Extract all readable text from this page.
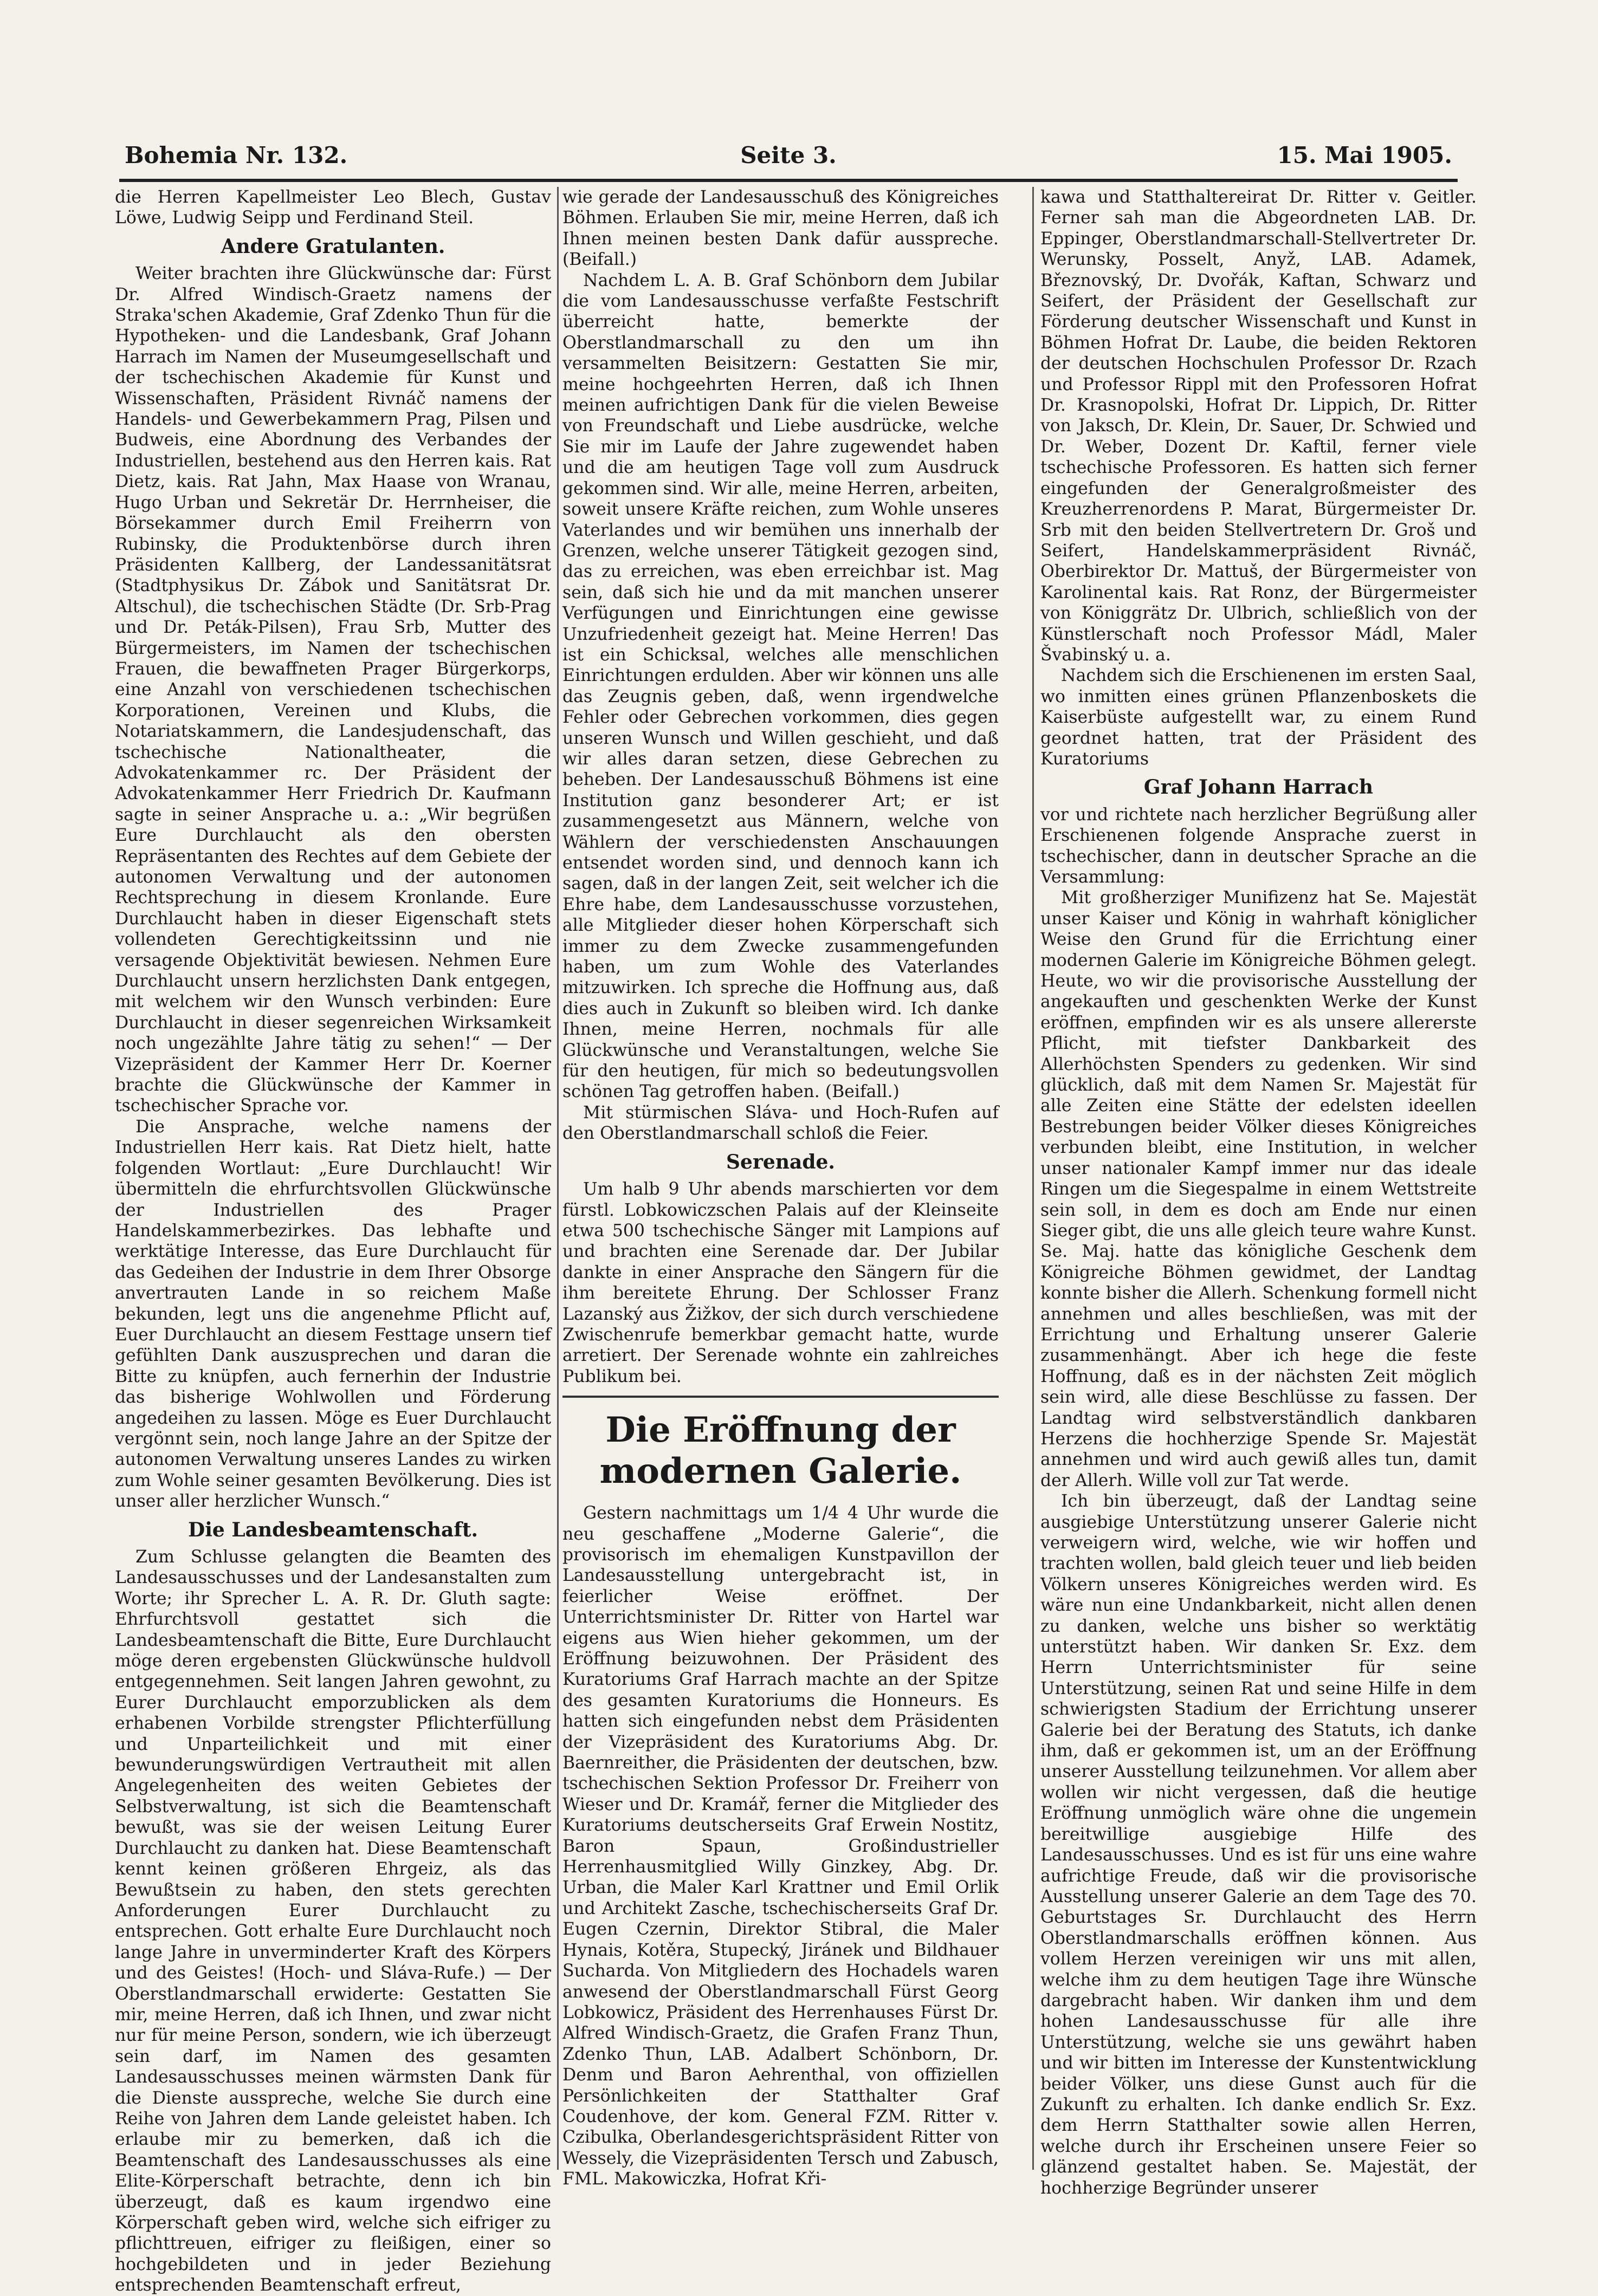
Bohemia Nr. 132.	Seite 3.	15. Mai 1905.

die Herren Kapellmeister Leo Blech, Gustav Löwe, Ludwig Seipp und Ferdinand Steil.

Andere Gratulanten.

Weiter brachten ihre Glückwünsche dar: Fürst Dr. Alfred Windisch-Graetz namens der Straka'schen Akademie, Graf Zdenko Thun für die Hypotheken- und die Landesbank, Graf Johann Harrach im Namen der Museumgesellschaft und der tschechischen Akademie für Kunst und Wissenschaften, Präsident Rivnáč namens der Handels- und Gewerbekammern Prag, Pilsen und Budweis, eine Abordnung des Verbandes der Industriellen, bestehend aus den Herren kais. Rat Dietz, kais. Rat Jahn, Max Haase von Wranau, Hugo Urban und Sekretär Dr. Herrnheiser, die Börsekammer durch Emil Freiherrn von Rubinsky, die Produktenbörse durch ihren Präsidenten Kallberg, der Landessanitätsrat (Stadtphysikus Dr. Zábok und Sanitätsrat Dr. Altschul), die tschechischen Städte (Dr. Srb-Prag und Dr. Peták-Pilsen), Frau Srb, Mutter des Bürgermeisters, im Namen der tschechischen Frauen, die bewaffneten Prager Bürgerkorps, eine Anzahl von verschiedenen tschechischen Korporationen, Vereinen und Klubs, die Notariatskammern, die Landesjudenschaft, das tschechische Nationaltheater, die Advokatenkammer rc. Der Präsident der Advokatenkammer Herr Friedrich Dr. Kaufmann sagte in seiner Ansprache u. a.: „Wir begrüßen Eure Durchlaucht als den obersten Repräsentanten des Rechtes auf dem Gebiete der autonomen Verwaltung und der autonomen Rechtsprechung in diesem Kronlande. Eure Durchlaucht haben in dieser Eigenschaft stets vollendeten Gerechtigkeitssinn und nie versagende Objektivität bewiesen. Nehmen Eure Durchlaucht unsern herzlichsten Dank entgegen, mit welchem wir den Wunsch verbinden: Eure Durchlaucht in dieser segenreichen Wirksamkeit noch ungezählte Jahre tätig zu sehen!“ — Der Vizepräsident der Kammer Herr Dr. Koerner brachte die Glückwünsche der Kammer in tschechischer Sprache vor.

Die Ansprache, welche namens der Industriellen Herr kais. Rat Dietz hielt, hatte folgenden Wortlaut: „Eure Durchlaucht! Wir übermitteln die ehrfurchtsvollen Glückwünsche der Industriellen des Prager Handelskammerbezirkes. Das lebhafte und werktätige Interesse, das Eure Durchlaucht für das Gedeihen der Industrie in dem Ihrer Obsorge anvertrauten Lande in so reichem Maße bekunden, legt uns die angenehme Pflicht auf, Euer Durchlaucht an diesem Festtage unsern tief gefühlten Dank auszusprechen und daran die Bitte zu knüpfen, auch fernerhin der Industrie das bisherige Wohlwollen und Förderung angedeihen zu lassen. Möge es Euer Durchlaucht vergönnt sein, noch lange Jahre an der Spitze der autonomen Verwaltung unseres Landes zu wirken zum Wohle seiner gesamten Bevölkerung. Dies ist unser aller herzlicher Wunsch.“

Die Landesbeamtenschaft.

Zum Schlusse gelangten die Beamten des Landesausschusses und der Landesanstalten zum Worte; ihr Sprecher L. A. R. Dr. Gluth sagte: Ehrfurchtsvoll gestattet sich die Landesbeamtenschaft die Bitte, Eure Durchlaucht möge deren ergebensten Glückwünsche huldvoll entgegennehmen. Seit langen Jahren gewohnt, zu Eurer Durchlaucht emporzublicken als dem erhabenen Vorbilde strengster Pflichterfüllung und Unparteilichkeit und mit einer bewunderungswürdigen Vertrautheit mit allen Angelegenheiten des weiten Gebietes der Selbstverwaltung, ist sich die Beamtenschaft bewußt, was sie der weisen Leitung Eurer Durchlaucht zu danken hat. Diese Beamtenschaft kennt keinen größeren Ehrgeiz, als das Bewußtsein zu haben, den stets gerechten Anforderungen Eurer Durchlaucht zu entsprechen. Gott erhalte Eure Durchlaucht noch lange Jahre in unverminderter Kraft des Körpers und des Geistes! (Hoch- und Sláva-Rufe.) — Der Oberstlandmarschall erwiderte: Gestatten Sie mir, meine Herren, daß ich Ihnen, und zwar nicht nur für meine Person, sondern, wie ich überzeugt sein darf, im Namen des gesamten Landesausschusses meinen wärmsten Dank für die Dienste ausspreche, welche Sie durch eine Reihe von Jahren dem Lande geleistet haben. Ich erlaube mir zu bemerken, daß ich die Beamtenschaft des Landesausschusses als eine Elite-Körperschaft betrachte, denn ich bin überzeugt, daß es kaum irgendwo eine Körperschaft geben wird, welche sich eifriger zu pflichttreuen, eifriger zu fleißigen, einer so hochgebildeten und in jeder Beziehung entsprechenden Beamtenschaft erfreut,

wie gerade der Landesausschuß des Königreiches Böhmen. Erlauben Sie mir, meine Herren, daß ich Ihnen meinen besten Dank dafür ausspreche. (Beifall.)

Nachdem L. A. B. Graf Schönborn dem Jubilar die vom Landesausschusse verfaßte Festschrift überreicht hatte, bemerkte der Oberstlandmarschall zu den um ihn versammelten Beisitzern: Gestatten Sie mir, meine hochgeehrten Herren, daß ich Ihnen meinen aufrichtigen Dank für die vielen Beweise von Freundschaft und Liebe ausdrücke, welche Sie mir im Laufe der Jahre zugewendet haben und die am heutigen Tage voll zum Ausdruck gekommen sind. Wir alle, meine Herren, arbeiten, soweit unsere Kräfte reichen, zum Wohle unseres Vaterlandes und wir bemühen uns innerhalb der Grenzen, welche unserer Tätigkeit gezogen sind, das zu erreichen, was eben erreichbar ist. Mag sein, daß sich hie und da mit manchen unserer Verfügungen und Einrichtungen eine gewisse Unzufriedenheit gezeigt hat. Meine Herren! Das ist ein Schicksal, welches alle menschlichen Einrichtungen erdulden. Aber wir können uns alle das Zeugnis geben, daß, wenn irgendwelche Fehler oder Gebrechen vorkommen, dies gegen unseren Wunsch und Willen geschieht, und daß wir alles daran setzen, diese Gebrechen zu beheben. Der Landesausschuß Böhmens ist eine Institution ganz besonderer Art; er ist zusammengesetzt aus Männern, welche von Wählern der verschiedensten Anschauungen entsendet worden sind, und dennoch kann ich sagen, daß in der langen Zeit, seit welcher ich die Ehre habe, dem Landesausschusse vorzustehen, alle Mitglieder dieser hohen Körperschaft sich immer zu dem Zwecke zusammengefunden haben, um zum Wohle des Vaterlandes mitzuwirken. Ich spreche die Hoffnung aus, daß dies auch in Zukunft so bleiben wird. Ich danke Ihnen, meine Herren, nochmals für alle Glückwünsche und Veranstaltungen, welche Sie für den heutigen, für mich so bedeutungsvollen schönen Tag getroffen haben. (Beifall.)

Mit stürmischen Sláva- und Hoch-Rufen auf den Oberstlandmarschall schloß die Feier.

Serenade.

Um halb 9 Uhr abends marschierten vor dem fürstl. Lobkowiczschen Palais auf der Kleinseite etwa 500 tschechische Sänger mit Lampions auf und brachten eine Serenade dar. Der Jubilar dankte in einer Ansprache den Sängern für die ihm bereitete Ehrung. Der Schlosser Franz Lazanský aus Žižkov, der sich durch verschiedene Zwischenrufe bemerkbar gemacht hatte, wurde arretiert. Der Serenade wohnte ein zahlreiches Publikum bei.

Die Eröffnung der modernen Galerie.

Gestern nachmittags um 1/4 4 Uhr wurde die neu geschaffene „Moderne Galerie“, die provisorisch im ehemaligen Kunstpavillon der Landesausstellung untergebracht ist, in feierlicher Weise eröffnet. Der Unterrichtsminister Dr. Ritter von Hartel war eigens aus Wien hieher gekommen, um der Eröffnung beizuwohnen. Der Präsident des Kuratoriums Graf Harrach machte an der Spitze des gesamten Kuratoriums die Honneurs. Es hatten sich eingefunden nebst dem Präsidenten der Vizepräsident des Kuratoriums Abg. Dr. Baernreither, die Präsidenten der deutschen, bzw. tschechischen Sektion Professor Dr. Freiherr von Wieser und Dr. Kramář, ferner die Mitglieder des Kuratoriums deutscherseits Graf Erwein Nostitz, Baron Spaun, Großindustrieller Herrenhausmitglied Willy Ginzkey, Abg. Dr. Urban, die Maler Karl Krattner und Emil Orlik und Architekt Zasche, tschechischerseits Graf Dr. Eugen Czernin, Direktor Stibral, die Maler Hynais, Kotěra, Stupecký, Jiránek und Bildhauer Sucharda. Von Mitgliedern des Hochadels waren anwesend der Oberstlandmarschall Fürst Georg Lobkowicz, Präsident des Herrenhauses Fürst Dr. Alfred Windisch-Graetz, die Grafen Franz Thun, Zdenko Thun, LAB. Adalbert Schönborn, Dr. Denm und Baron Aehrenthal, von offiziellen Persönlichkeiten der Statthalter Graf Coudenhove, der kom. General FZM. Ritter v. Czibulka, Oberlandesgerichtspräsident Ritter von Wessely, die Vizepräsidenten Tersch und Zabusch, FML. Makowiczka, Hofrat Kři-

kawa und Statthaltereirat Dr. Ritter v. Geitler. Ferner sah man die Abgeordneten LAB. Dr. Eppinger, Oberstlandmarschall-Stellvertreter Dr. Werunsky, Posselt, Anyž, LAB. Adamek, Březnovský, Dr. Dvořák, Kaftan, Schwarz und Seifert, der Präsident der Gesellschaft zur Förderung deutscher Wissenschaft und Kunst in Böhmen Hofrat Dr. Laube, die beiden Rektoren der deutschen Hochschulen Professor Dr. Rzach und Professor Rippl mit den Professoren Hofrat Dr. Krasnopolski, Hofrat Dr. Lippich, Dr. Ritter von Jaksch, Dr. Klein, Dr. Sauer, Dr. Schwied und Dr. Weber, Dozent Dr. Kaftil, ferner viele tschechische Professoren. Es hatten sich ferner eingefunden der Generalgroßmeister des Kreuzherrenordens P. Marat, Bürgermeister Dr. Srb mit den beiden Stellvertretern Dr. Groš und Seifert, Handelskammerpräsident Rivnáč, Oberbirektor Dr. Mattuš, der Bürgermeister von Karolinental kais. Rat Ronz, der Bürgermeister von Königgrätz Dr. Ulbrich, schließlich von der Künstlerschaft noch Professor Mádl, Maler Švabinský u. a.

Nachdem sich die Erschienenen im ersten Saal, wo inmitten eines grünen Pflanzenboskets die Kaiserbüste aufgestellt war, zu einem Rund geordnet hatten, trat der Präsident des Kuratoriums

Graf Johann Harrach

vor und richtete nach herzlicher Begrüßung aller Erschienenen folgende Ansprache zuerst in tschechischer, dann in deutscher Sprache an die Versammlung:

Mit großherziger Munifizenz hat Se. Majestät unser Kaiser und König in wahrhaft königlicher Weise den Grund für die Errichtung einer modernen Galerie im Königreiche Böhmen gelegt. Heute, wo wir die provisorische Ausstellung der angekauften und geschenkten Werke der Kunst eröffnen, empfinden wir es als unsere allererste Pflicht, mit tiefster Dankbarkeit des Allerhöchsten Spenders zu gedenken. Wir sind glücklich, daß mit dem Namen Sr. Majestät für alle Zeiten eine Stätte der edelsten ideellen Bestrebungen beider Völker dieses Königreiches verbunden bleibt, eine Institution, in welcher unser nationaler Kampf immer nur das ideale Ringen um die Siegespalme in einem Wettstreite sein soll, in dem es doch am Ende nur einen Sieger gibt, die uns alle gleich teure wahre Kunst. Se. Maj. hatte das königliche Geschenk dem Königreiche Böhmen gewidmet, der Landtag konnte bisher die Allerh. Schenkung formell nicht annehmen und alles beschließen, was mit der Errichtung und Erhaltung unserer Galerie zusammenhängt. Aber ich hege die feste Hoffnung, daß es in der nächsten Zeit möglich sein wird, alle diese Beschlüsse zu fassen. Der Landtag wird selbstverständlich dankbaren Herzens die hochherzige Spende Sr. Majestät annehmen und wird auch gewiß alles tun, damit der Allerh. Wille voll zur Tat werde.

Ich bin überzeugt, daß der Landtag seine ausgiebige Unterstützung unserer Galerie nicht verweigern wird, welche, wie wir hoffen und trachten wollen, bald gleich teuer und lieb beiden Völkern unseres Königreiches werden wird. Es wäre nun eine Undankbarkeit, nicht allen denen zu danken, welche uns bisher so werktätig unterstützt haben. Wir danken Sr. Exz. dem Herrn Unterrichtsminister für seine Unterstützung, seinen Rat und seine Hilfe in dem schwierigsten Stadium der Errichtung unserer Galerie bei der Beratung des Statuts, ich danke ihm, daß er gekommen ist, um an der Eröffnung unserer Ausstellung teilzunehmen. Vor allem aber wollen wir nicht vergessen, daß die heutige Eröffnung unmöglich wäre ohne die ungemein bereitwillige ausgiebige Hilfe des Landesausschusses. Und es ist für uns eine wahre aufrichtige Freude, daß wir die provisorische Ausstellung unserer Galerie an dem Tage des 70. Geburtstages Sr. Durchlaucht des Herrn Oberstlandmarschalls eröffnen können. Aus vollem Herzen vereinigen wir uns mit allen, welche ihm zu dem heutigen Tage ihre Wünsche dargebracht haben. Wir danken ihm und dem hohen Landesausschusse für alle ihre Unterstützung, welche sie uns gewährt haben und wir bitten im Interesse der Kunstentwicklung beider Völker, uns diese Gunst auch für die Zukunft zu erhalten. Ich danke endlich Sr. Exz. dem Herrn Statthalter sowie allen Herren, welche durch ihr Erscheinen unsere Feier so glänzend gestaltet haben. Se. Majestät, der hochherzige Begründer unserer
